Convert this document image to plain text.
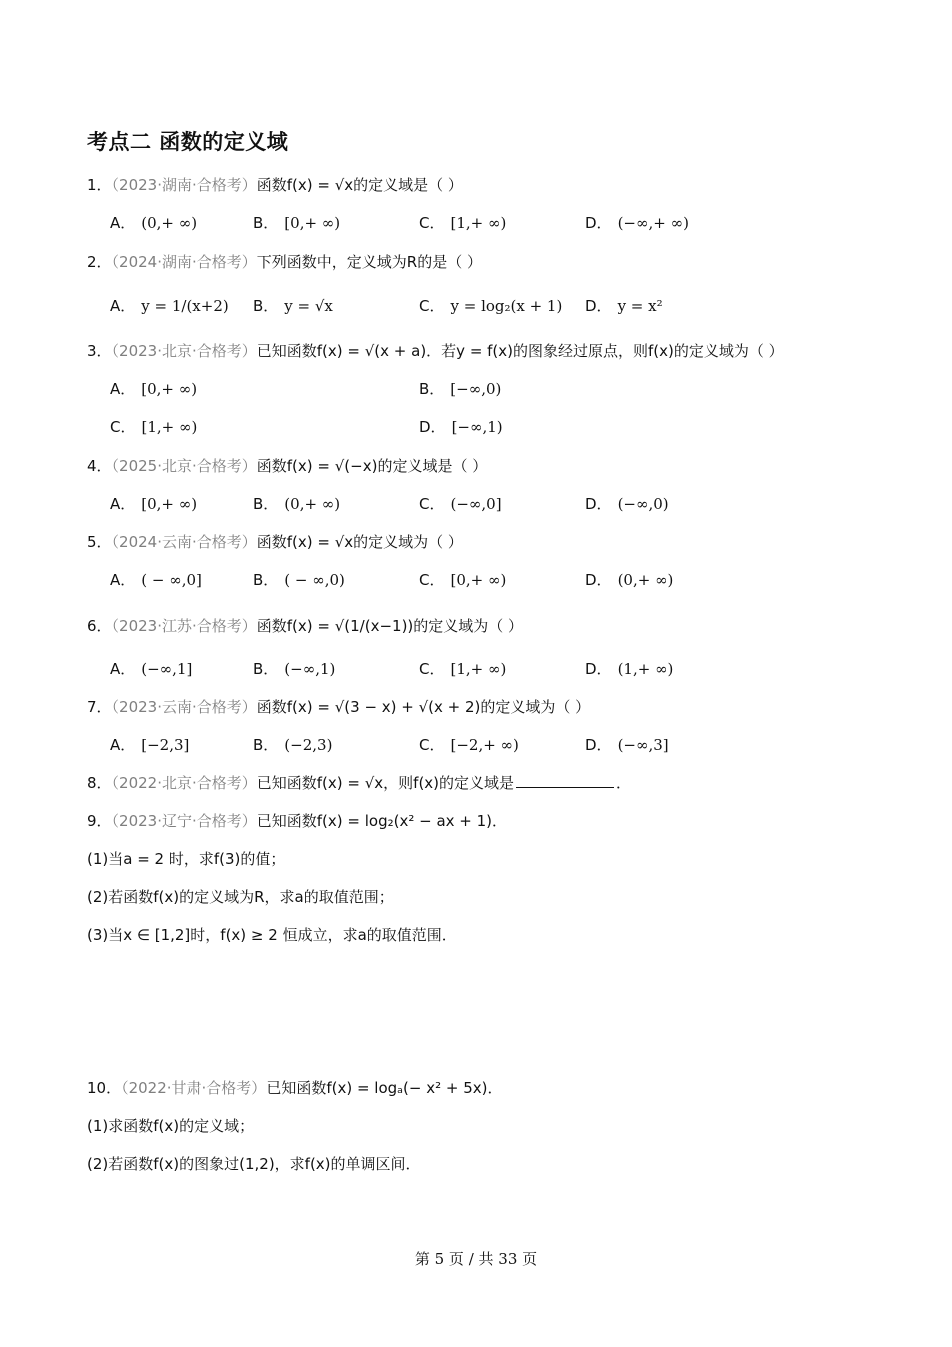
考点二 函数的定义域
1．（2023·湖南·合格考）函数f(x) = √x的定义域是（ ）
A． (0,+ ∞)	B． [0,+ ∞)	C． [1,+ ∞)	D． (−∞,+ ∞)
2．（2024·湖南·合格考）下列函数中，定义域为R的是（ ）
A． y = 1/(x+2) B． y = √x	C． y = log₂(x + 1) D． y = x²
3．（2023·北京·合格考）已知函数f(x) = √(x + a)．若y = f(x)的图象经过原点，则f(x)的定义域为（ ）
A． [0,+ ∞)	B． [−∞,0)
C． [1,+ ∞)	D． [−∞,1)
4．（2025·北京·合格考）函数f(x) = √(−x)的定义域是（ ）
A． [0,+ ∞)	B． (0,+ ∞)	C． (−∞,0]	D． (−∞,0)
5．（2024·云南·合格考）函数f(x) = √x的定义域为（ ）
A． ( − ∞,0]	B． ( − ∞,0)	C． [0,+ ∞)	D． (0,+ ∞)
6．（2023·江苏·合格考）函数f(x) = √(1/(x−1))的定义域为（ ）
A． (−∞,1]	B． (−∞,1)	C． [1,+ ∞)	D． (1,+ ∞)
7．（2023·云南·合格考）函数f(x) = √(3 − x) + √(x + 2)的定义域为（ ）
A． [−2,3]	B． (−2,3)	C． [−2,+ ∞)	D． (−∞,3]
8．（2022·北京·合格考）已知函数f(x) = √x，则f(x)的定义域是	．
9．（2023·辽宁·合格考）已知函数f(x) = log₂(x² − ax + 1)．
(1)当a = 2 时，求f(3)的值；
(2)若函数f(x)的定义域为R，求a的取值范围；
(3)当x ∈ [1,2]时，f(x) ≥ 2 恒成立，求a的取值范围．
10．（2022·甘肃·合格考）已知函数f(x) = logₐ(− x² + 5x)．
(1)求函数f(x)的定义域；
(2)若函数f(x)的图象过(1,2)，求f(x)的单调区间．
第 5 页 / 共 33 页
